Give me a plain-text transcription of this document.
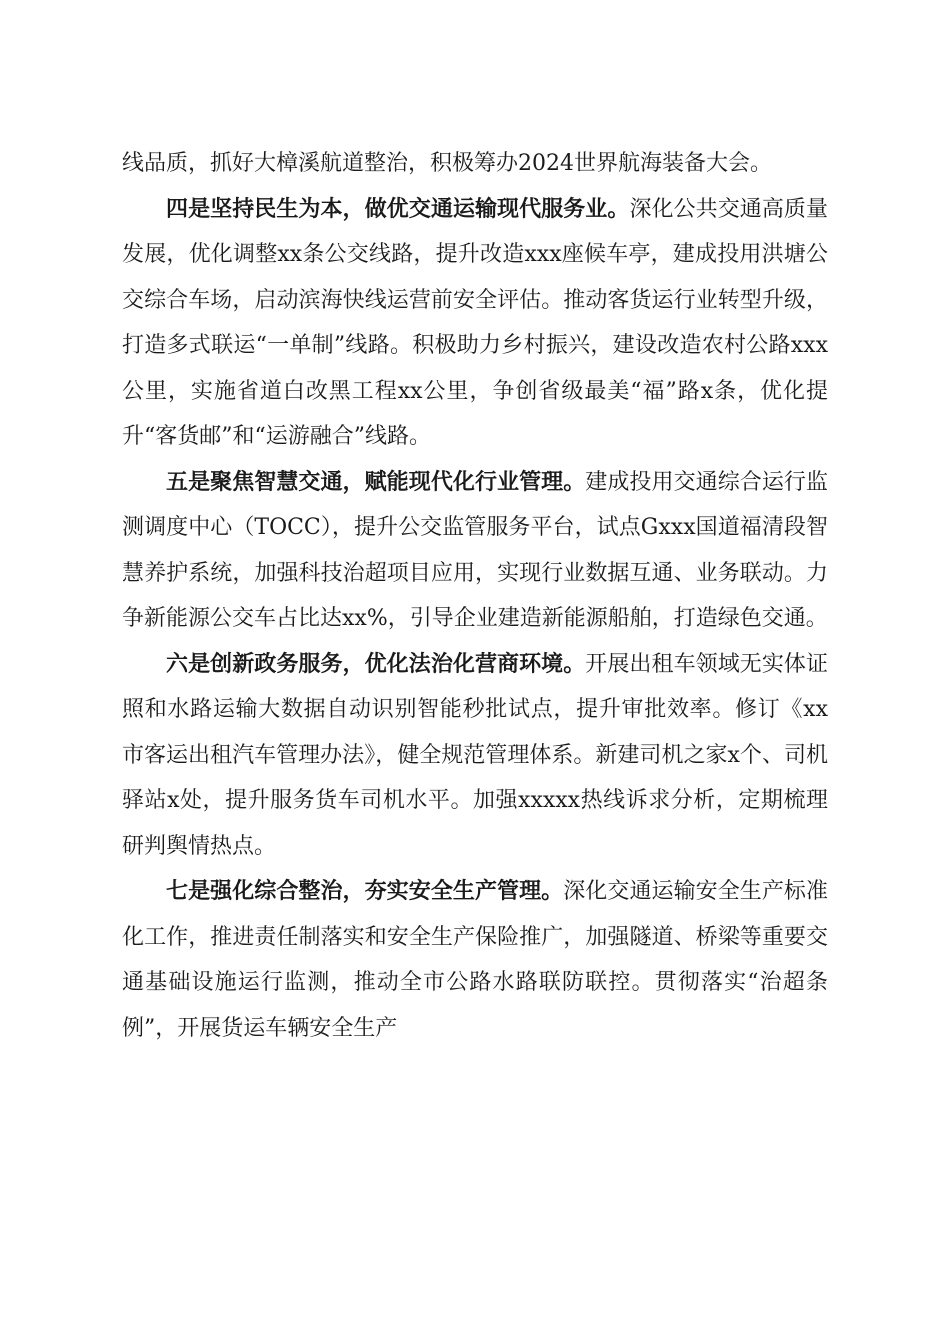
线品质，抓好大樟溪航道整治，积极筹办2024世界航海装备大会。

四是坚持民生为本，做优交通运输现代服务业。深化公共交通高质量发展，优化调整xx条公交线路，提升改造xxx座候车亭，建成投用洪塘公交综合车场，启动滨海快线运营前安全评估。推动客货运行业转型升级，打造多式联运“一单制”线路。积极助力乡村振兴，建设改造农村公路xxx公里，实施省道白改黑工程xx公里，争创省级最美“福”路x条，优化提升“客货邮”和“运游融合”线路。

五是聚焦智慧交通，赋能现代化行业管理。建成投用交通综合运行监测调度中心（TOCC），提升公交监管服务平台，试点Gxxx国道福清段智慧养护系统，加强科技治超项目应用，实现行业数据互通、业务联动。力争新能源公交车占比达xx%，引导企业建造新能源船舶，打造绿色交通。

六是创新政务服务，优化法治化营商环境。开展出租车领域无实体证照和水路运输大数据自动识别智能秒批试点，提升审批效率。修订《xx市客运出租汽车管理办法》，健全规范管理体系。新建司机之家x个、司机驿站x处，提升服务货车司机水平。加强xxxxx热线诉求分析，定期梳理研判舆情热点。

七是强化综合整治，夯实安全生产管理。深化交通运输安全生产标准化工作，推进责任制落实和安全生产保险推广，加强隧道、桥梁等重要交通基础设施运行监测，推动全市公路水路联防联控。贯彻落实“治超条例”，开展货运车辆安全生产
